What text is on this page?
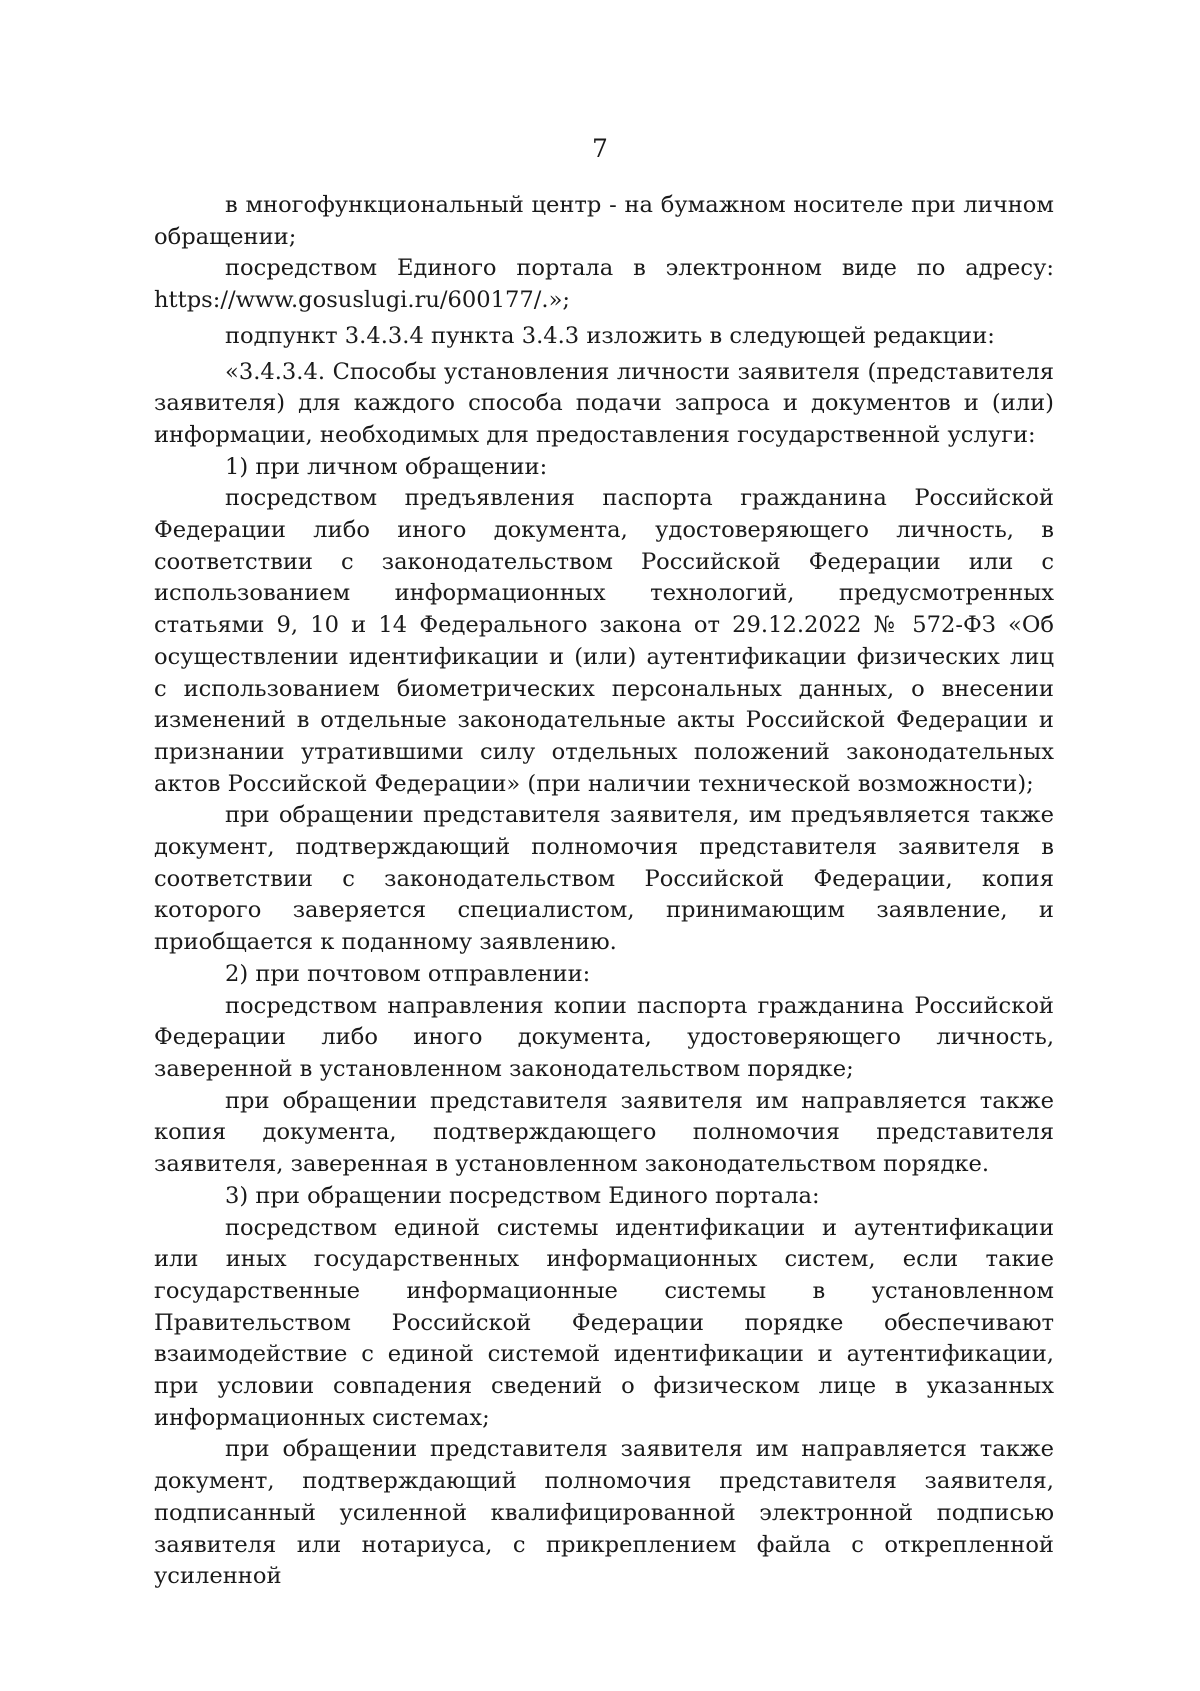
7

в многофункциональный центр - на бумажном носителе при личном обращении;

посредством Единого портала в электронном виде по адресу: https://www.gosuslugi.ru/600177/.»;

подпункт 3.4.3.4 пункта 3.4.3 изложить в следующей редакции:

«3.4.3.4. Способы установления личности заявителя (представителя заявителя) для каждого способа подачи запроса и документов и (или) информации, необходимых для предоставления государственной услуги:

1) при личном обращении:

посредством предъявления паспорта гражданина Российской Федерации либо иного документа, удостоверяющего личность, в соответствии с законодательством Российской Федерации или с использованием информационных технологий, предусмотренных статьями 9, 10 и 14 Федерального закона от 29.12.2022 № 572-ФЗ «Об осуществлении идентификации и (или) аутентификации физических лиц с использованием биометрических персональных данных, о внесении изменений в отдельные законодательные акты Российской Федерации и признании утратившими силу отдельных положений законодательных актов Российской Федерации» (при наличии технической возможности);

при обращении представителя заявителя, им предъявляется также документ, подтверждающий полномочия представителя заявителя в соответствии с законодательством Российской Федерации, копия которого заверяется специалистом, принимающим заявление, и приобщается к поданному заявлению.

2) при почтовом отправлении:

посредством направления копии паспорта гражданина Российской Федерации либо иного документа, удостоверяющего личность, заверенной в установленном законодательством порядке;

при обращении представителя заявителя им направляется также копия документа, подтверждающего полномочия представителя заявителя, заверенная в установленном законодательством порядке.

3) при обращении посредством Единого портала:

посредством единой системы идентификации и аутентификации или иных государственных информационных систем, если такие государственные информационные системы в установленном Правительством Российской Федерации порядке обеспечивают взаимодействие с единой системой идентификации и аутентификации, при условии совпадения сведений о физическом лице в указанных информационных системах;

при обращении представителя заявителя им направляется также документ, подтверждающий полномочия представителя заявителя, подписанный усиленной квалифицированной электронной подписью заявителя или нотариуса, с прикреплением файла с открепленной усиленной
